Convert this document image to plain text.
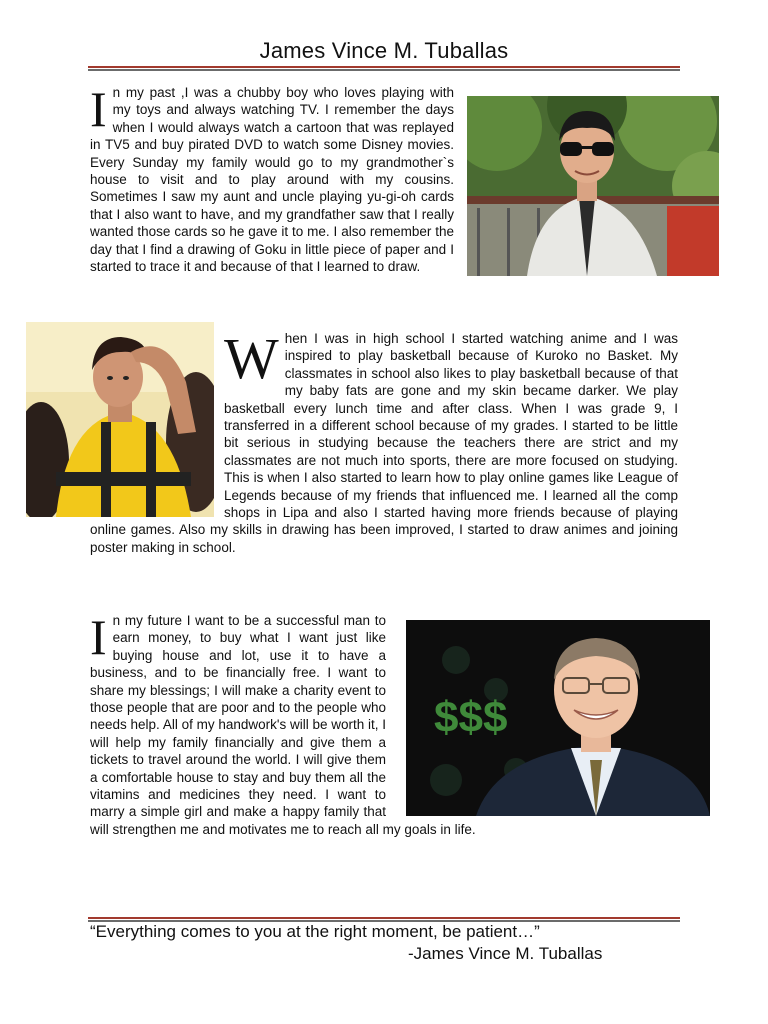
James Vince M. Tuballas
In my past ,I was a chubby boy who loves playing with my toys and always watching TV. I remember the days when I would always watch a cartoon that was replayed in TV5 and buy pirated DVD to watch some Disney movies. Every Sunday my family would go to my grandmother`s house to visit and to play around with my cousins. Sometimes I saw my aunt and uncle playing yu-gi-oh cards that I also want to have, and my grandfather saw that I really wanted those cards so he gave it to me. I also remember the day that I find a drawing of Goku in little piece of paper and I started to trace it and because of that I learned to draw.
When I was in high school I started watching anime and I was inspired to play basketball because of Kuroko no Basket. My classmates in school also likes to play basketball because of that my baby fats are gone and my skin became darker. We play basketball every lunch time and after class. When I was grade 9, I transferred in a different school because of my grades. I started to be little bit serious in studying because the teachers there are strict and my classmates are not much into sports, there are more focused on studying. This is when I also started to learn how to play online games like League of Legends because of my friends that influenced me. I learned all the comp shops in Lipa and also I started having more friends because of playing online games. Also my skills in drawing has been improved, I started to draw animes and joining poster making in school.
$$$
In my future I want to be a successful man to earn money, to buy what I want just like buying house and lot, use it to have a business, and to be financially free. I want to share my blessings; I will make a charity event to those people that are poor and to the people who needs help. All of my handwork's will be worth it, I will help my family financially and give them a tickets to travel around the world. I will give them a comfortable house to stay and buy them all the vitamins and medicines they need. I want to marry a simple girl and make a happy family that will strengthen me and motivates me to reach all my goals in life.
“Everything comes to you at the right moment, be patient…”
-James Vince M. Tuballas
